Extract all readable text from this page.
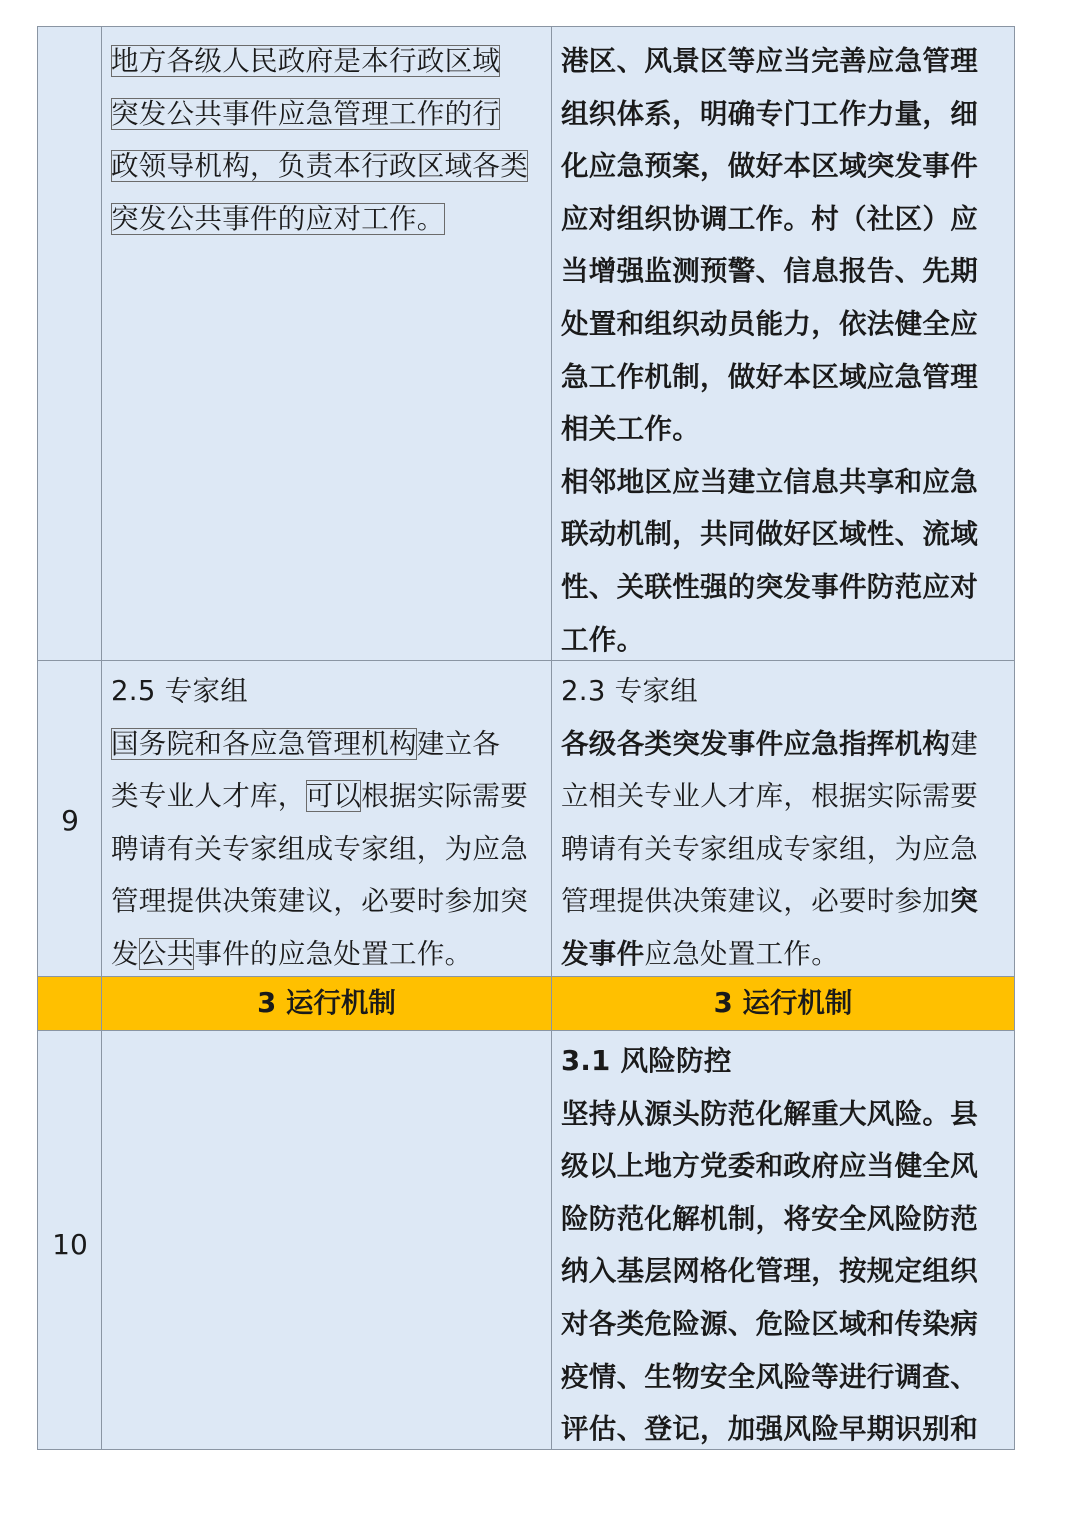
地方各级人民政府是本行政区域
突发公共事件应急管理工作的行
政领导机构，负责本行政区域各类
突发公共事件的应对工作。
港区、风景区等应当完善应急管理
组织体系，明确专门工作力量，细
化应急预案，做好本区域突发事件
应对组织协调工作。村（社区）应
当增强监测预警、信息报告、先期
处置和组织动员能力，依法健全应
急工作机制，做好本区域应急管理
相关工作。
相邻地区应当建立信息共享和应急
联动机制，共同做好区域性、流域
性、关联性强的突发事件防范应对
工作。
9
2.5 专家组
国务院和各应急管理机构建立各
类专业人才库，可以根据实际需要
聘请有关专家组成专家组，为应急
管理提供决策建议，必要时参加突
发公共事件的应急处置工作。
2.3 专家组
各级各类突发事件应急指挥机构建
立相关专业人才库，根据实际需要
聘请有关专家组成专家组，为应急
管理提供决策建议，必要时参加突
发事件应急处置工作。
3 运行机制	3 运行机制
10
3.1 风险防控
坚持从源头防范化解重大风险。县
级以上地方党委和政府应当健全风
险防范化解机制，将安全风险防范
纳入基层网格化管理，按规定组织
对各类危险源、危险区域和传染病
疫情、生物安全风险等进行调查、
评估、登记，加强风险早期识别和
